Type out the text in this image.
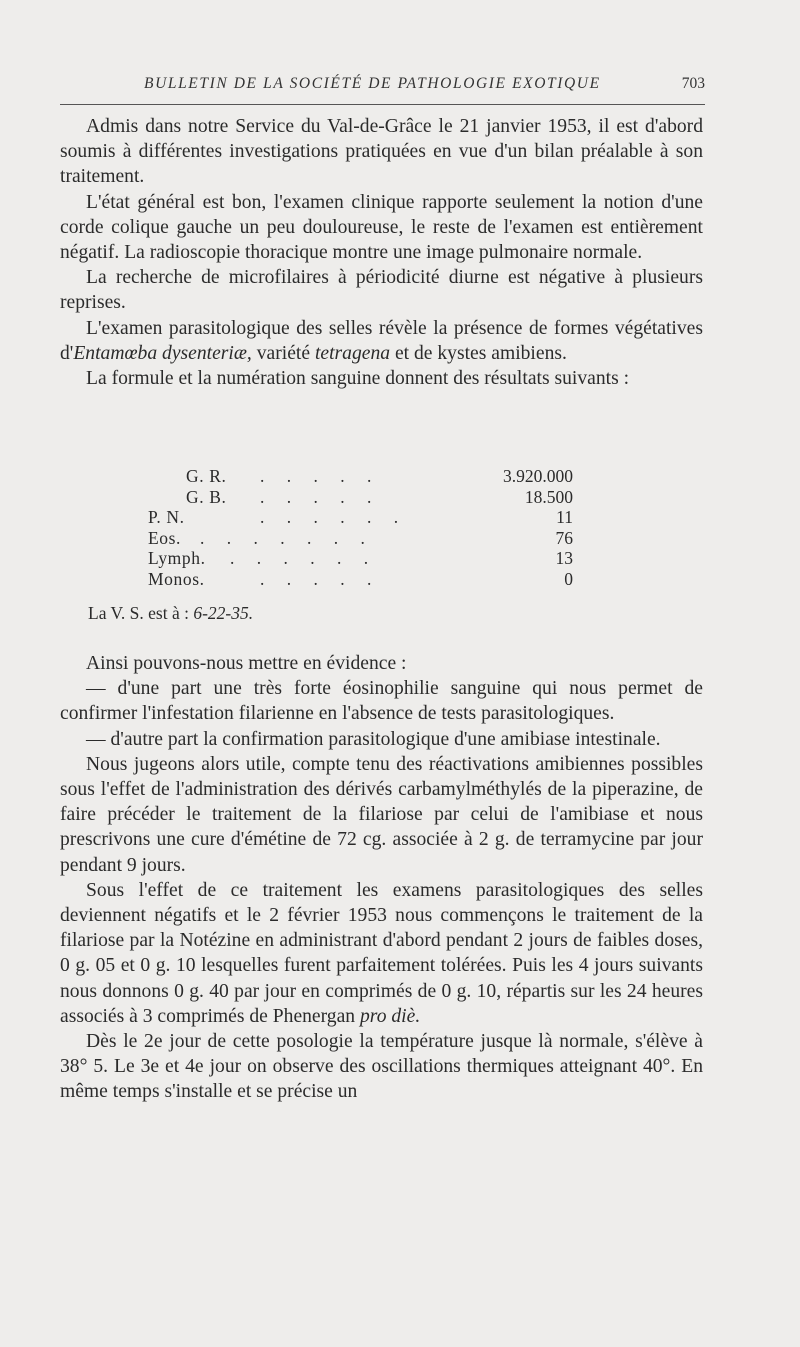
BULLETIN DE LA SOCIÉTÉ DE PATHOLOGIE EXOTIQUE	703

Admis dans notre Service du Val-de-Grâce le 21 janvier 1953, il est d'abord soumis à différentes investigations pratiquées en vue d'un bilan préalable à son traitement.

L'état général est bon, l'examen clinique rapporte seulement la notion d'une corde colique gauche un peu douloureuse, le reste de l'examen est entièrement négatif. La radioscopie thoracique montre une image pulmonaire normale.

La recherche de microfilaires à périodicité diurne est négative à plusieurs reprises.

L'examen parasitologique des selles révèle la présence de formes végétatives d'Entamœba dysenteriæ, variété tetragena et de kystes amibiens.

La formule et la numération sanguine donnent des résultats suivants :

G. R. . . . . .	3.920.000
G. B. . . . . .	18.500
P. N.	. . . . . .	11
Eos. . . . . . . .	76
Lymph. . . . . . .	13
Monos.	. . . . .	0
La V. S. est à : 6-22-35.

Ainsi pouvons-nous mettre en évidence :

— d'une part une très forte éosinophilie sanguine qui nous permet de confirmer l'infestation filarienne en l'absence de tests parasitologiques.

— d'autre part la confirmation parasitologique d'une amibiase intestinale.

Nous jugeons alors utile, compte tenu des réactivations amibiennes possibles sous l'effet de l'administration des dérivés carbamylméthylés de la piperazine, de faire précéder le traitement de la filariose par celui de l'amibiase et nous prescrivons une cure d'émétine de 72 cg. associée à 2 g. de terramycine par jour pendant 9 jours.

Sous l'effet de ce traitement les examens parasitologiques des selles deviennent négatifs et le 2 février 1953 nous commençons le traitement de la filariose par la Notézine en administrant d'abord pendant 2 jours de faibles doses, 0 g. 05 et 0 g. 10 lesquelles furent parfaitement tolérées. Puis les 4 jours suivants nous donnons 0 g. 40 par jour en comprimés de 0 g. 10, répartis sur les 24 heures associés à 3 comprimés de Phenergan pro diè.

Dès le 2e jour de cette posologie la température jusque là normale, s'élève à 38° 5. Le 3e et 4e jour on observe des oscillations thermiques atteignant 40°. En même temps s'installe et se précise un
